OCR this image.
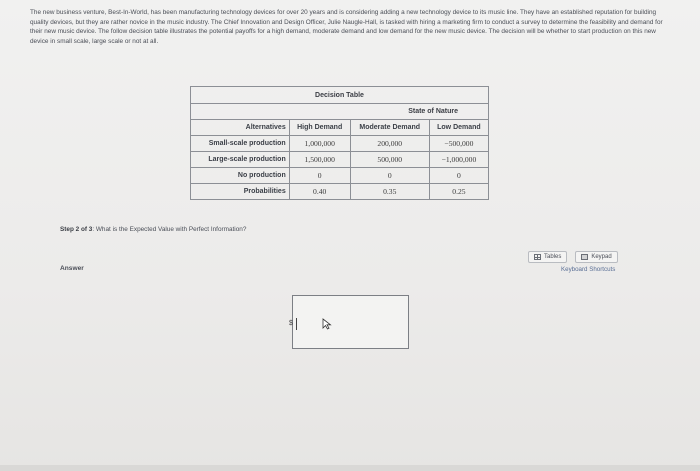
The new business venture, Best-In-World, has been manufacturing technology devices for over 20 years and is considering adding a new technology device to its music line. They have an established reputation for building quality devices, but they are rather novice in the music industry. The Chief Innovation and Design Officer, Julie Naugle-Hall, is tasked with hiring a marketing firm to conduct a survey to determine the feasibility and demand for their new music device. The follow decision table illustrates the potential payoffs for a high demand, moderate demand and low demand for the new music device. The decision will be whether to start production on this new device in small scale, large scale or not at all.
Decision Table			
	State of Nature		
Alternatives	High Demand	Moderate Demand	Low Demand
Small-scale production	1,000,000	200,000	−500,000
Large-scale production	1,500,000	500,000	−1,000,000
No production	0	0	0
Probabilities	0.40	0.35	0.25
Step 2 of 3: What is the Expected Value with Perfect Information?
Answer
Tables	Keypad
Keyboard Shortcuts
$
